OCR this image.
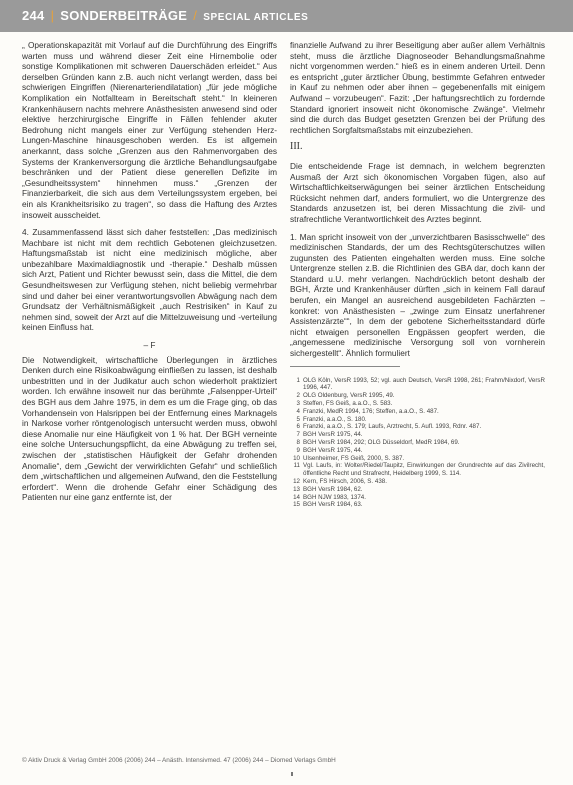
244 | SONDERBEITRÄGE / SPECIAL ARTICLES

„ Operationskapazität mit Vorlauf auf die Durchführung des Eingriffs warten muss und während dieser Zeit eine Hirnembolie oder sonstige Komplikationen mit schweren Dauerschäden erleidet.“ Aus derselben Gründen kann z.B. auch nicht verlangt werden, dass bei schwierigen Eingriffen (Nierenarteriendilatation) „für jede mögliche Komplikation ein Notfallteam in Bereitschaft steht.“ In kleineren Krankenhäusern nachts mehrere Anästhesisten anwesend sind oder elektive herzchirurgische Eingriffe in Fällen fehlender akuter Bedrohung nicht mangels einer zur Verfügung stehenden Herz-Lungen-Maschine hinausgeschoben werden. Es ist allgemein anerkannt, dass solche „Grenzen aus den Rahmenvorgaben des Systems der Krankenversorgung die ärztliche Behandlungsaufgabe beschränken und der Patient diese generellen Defizite im „Gesundheitssystem“ hinnehmen muss.“ „Grenzen der Finanzierbarkeit, die sich aus dem Verteilungssystem ergeben, bei ein als Krankheitsrisiko zu tragen“, so dass die Haftung des Arztes insoweit ausscheidet.

4. Zusammenfassend lässt sich daher feststellen: „Das medizinisch Machbare ist nicht mit dem rechtlich Gebotenen gleichzusetzen. Haftungsmaßstab ist nicht eine medizinisch mögliche, aber unbezahlbare Maximaldiagnostik und -therapie.“ Deshalb müssen sich Arzt, Patient und Richter bewusst sein, dass die Mittel, die dem Gesundheitswesen zur Verfügung stehen, nicht beliebig vermehrbar sind und daher bei einer verantwortungsvollen Abwägung nach dem Grundsatz der Verhältnismäßigkeit „auch Restrisiken“ in Kauf zu nehmen sind, soweit der Arzt auf die Mittelzuweisung und -verteilung keinen Einfluss hat.

– F

Die Notwendigkeit, wirtschaftliche Überlegungen in ärztliches Denken durch eine Risikoabwägung einfließen zu lassen, ist deshalb unbestritten und in der Judikatur auch schon wiederholt praktiziert worden. Ich erwähne insoweit nur das berühmte „Falsenpper-Urteil“ des BGH aus dem Jahre 1975, in dem es um die Frage ging, ob das Vorhandensein von Halsrippen bei der Entfernung eines Marknagels in Narkose vorher röntgenologisch untersucht werden muss, obwohl diese Anomalie nur eine Häufigkeit von 1 % hat. Der BGH verneinte eine solche Untersuchungspflicht, da eine Abwägung zu treffen sei, zwischen der „statistischen Häufigkeit der Gefahr drohenden Anomalie“, dem „Gewicht der verwirklichten Gefahr“ und schließlich dem „wirtschaftlichen und allgemeinen Aufwand, den die Feststellung erfordert“. Wenn die drohende Gefahr einer Schädigung des Patienten nur eine ganz entfernte ist, der

finanzielle Aufwand zu ihrer Beseitigung aber außer allem Verhältnis steht, muss die ärztliche Diagnoseoder Behandlungsmaßnahme nicht vorgenommen werden.“ hieß es in einem anderen Urteil. Denn es entspricht „guter ärztlicher Übung, bestimmte Gefahren entweder in Kauf zu nehmen oder aber ihnen – gegebenenfalls mit einigem Aufwand – vorzubeugen“. Fazit: „Der haftungsrechtlich zu fordernde Standard ignoriert insoweit nicht ökonomische Zwänge“. Vielmehr sind die durch das Budget gesetzten Grenzen bei der Prüfung des rechtlichen Sorgfaltsmaßstabs mit einzubeziehen.

III.

Die entscheidende Frage ist demnach, in welchem begrenzten Ausmaß der Arzt sich ökonomischen Vorgaben fügen, also auf Wirtschaftlichkeitserwägungen bei seiner ärztlichen Entscheidung Rücksicht nehmen darf, anders formuliert, wo die Untergrenze des Standards anzusetzen ist, bei deren Missachtung die zivil- und strafrechtliche Verantwortlichkeit des Arztes beginnt.

1. Man spricht insoweit von der „unverzichtbaren Basisschwelle“ des medizinischen Standards, der um des Rechtsgüterschutzes willen zugunsten des Patienten eingehalten werden muss. Eine solche Untergrenze stellen z.B. die Richtlinien des GBA dar, doch kann der Standard u.U. mehr verlangen. Nachdrücklich betont deshalb der BGH, Ärzte und Krankenhäuser dürften „sich in keinem Fall darauf berufen, ein Mangel an ausreichend ausgebildeten Fachärzten – konkret: von Anästhesisten – „zwinge zum Einsatz unerfahrener Assistenzärzte““, In dem der gebotene Sicherheitsstandard dürfe nicht etwaigen personellen Engpässen geopfert werden, die „angemessene medizinische Versorgung soll von vornherein sichergestellt“. Ähnlich formuliert

1 OLG Köln, VersR 1993, 52; vgl. auch Deutsch, VersR 1998, 261; Frahm/Nixdorf, VersR 1996, 447.
2 OLG Oldenburg, VersR 1995, 49.
3 Steffen, FS Geiß, a.a.O., S. 583.
4 Franzki, MedR 1994, 176; Steffen, a.a.O., S. 487.
5 Franzki, a.a.O., S. 180.
6 Franzki, a.a.O., S. 179; Laufs, Arztrecht, 5. Aufl. 1993, Rdnr. 487.
7 BGH VersR 1975, 44.
8 BGH VersR 1984, 292; OLG Düsseldorf, MedR 1984, 69.
9 BGH VersR 1975, 44.
10 Ulsenheimer, FS Geiß, 2000, S. 387.
11 Vgl. Laufs, in: Wolter/Riedel/Taupitz, Einwirkungen der Grundrechte auf das Zivilrecht, öffentliche Recht und Strafrecht, Heidelberg 1999, S. 114.
12 Kern, FS Hirsch, 2006, S. 438.
13 BGH VersR 1984, 62.
14 BGH NJW 1983, 1374.
15 BGH VersR 1984, 63.
© Aktiv Druck & Verlag GmbH 2006 (2006) 244 – Anästh. Intensivmed. 47 (2006) 244 – Diomed Verlags GmbH
